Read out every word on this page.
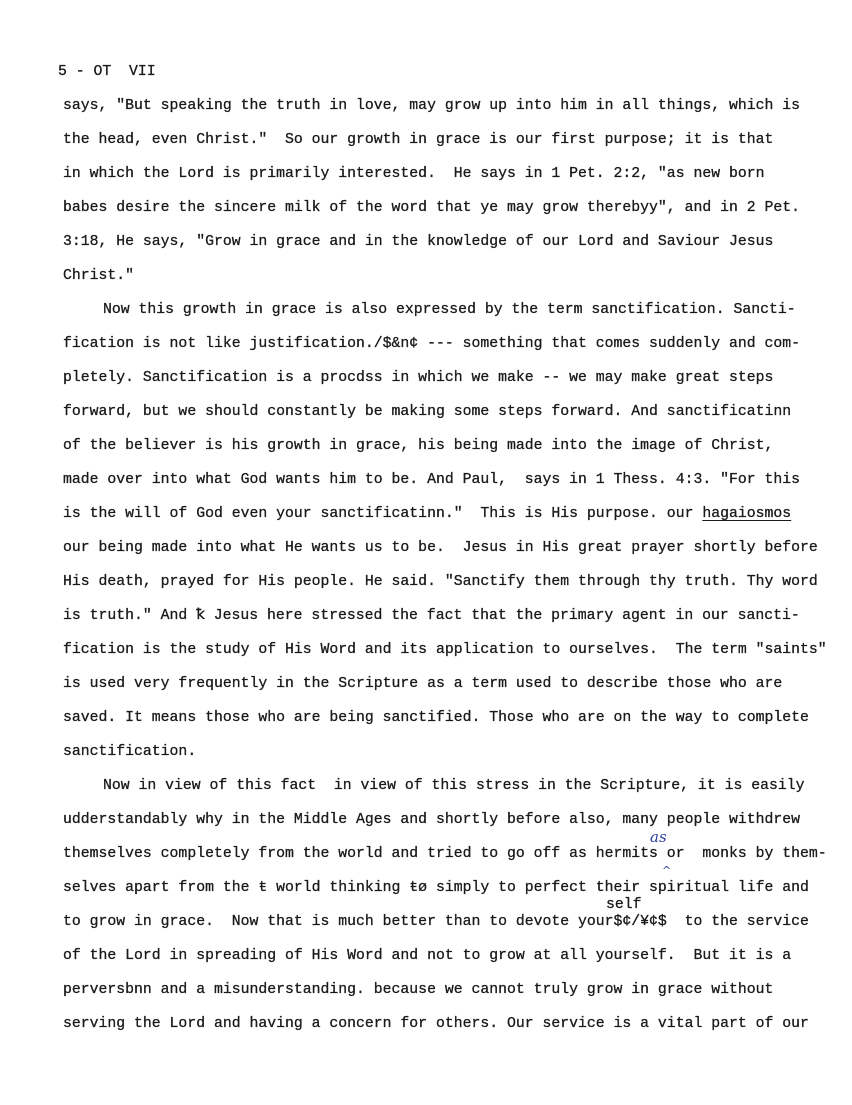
5 - OT  VII
says, "But speaking the truth in love, may grow up into him in all things, which is
the head, even Christ."  So our growth in grace is our first purpose; it is that
in which the Lord is primarily interested.  He says in 1 Pet. 2:2, "as new born
babes desire the sincere milk of the word that ye may grow therebyy", and in 2 Pet.
3:18, He says, "Grow in grace and in the knowledge of our Lord and Saviour Jesus
Christ."
Now this growth in grace is also expressed by the term sanctification. Sancti-
fication is not like justification./$&n¢ --- something that comes suddenly and com-
pletely. Sanctification is a procdss in which we make -- we may make great steps
forward, but we should constantly be making some steps forward. And sanctificatinn
of the believer is his growth in grace, his being made into the image of Christ,
made over into what God wants him to be. And Paul,  says in 1 Thess. 4:3. "For this
is the will of God even your sanctificatinn."  This is His purpose. our hagaiosmos
our being made into what He wants us to be.  Jesus in His great prayer shortly before
His death, prayed for His people. He said. "Sanctify them through thy truth. Thy word
is truth." And ꝁ Jesus here stressed the fact that the primary agent in our sancti-
fication is the study of His Word and its application to ourselves.  The term "saints"
is used very frequently in the Scripture as a term used to describe those who are
saved. It means those who are being sanctified. Those who are on the way to complete
sanctification.
Now in view of this fact  in view of this stress in the Scripture, it is easily
udderstandably why in the Middle Ages and shortly before also, many people withdrew
themselves completely from the world and tried to go off as hermits or  monks by them-
selves apart from the ŧ world thinking ŧø simply to perfect their spiritual life and
to grow in grace.  Now that is much better than to devote your$¢/¥¢$  to the service
of the Lord in spreading of His Word and not to grow at all yourself.  But it is a
perversbnn and a misunderstanding. because we cannot truly grow in grace without
serving the Lord and having a concern for others. Our service is a vital part of our
self
as
^
